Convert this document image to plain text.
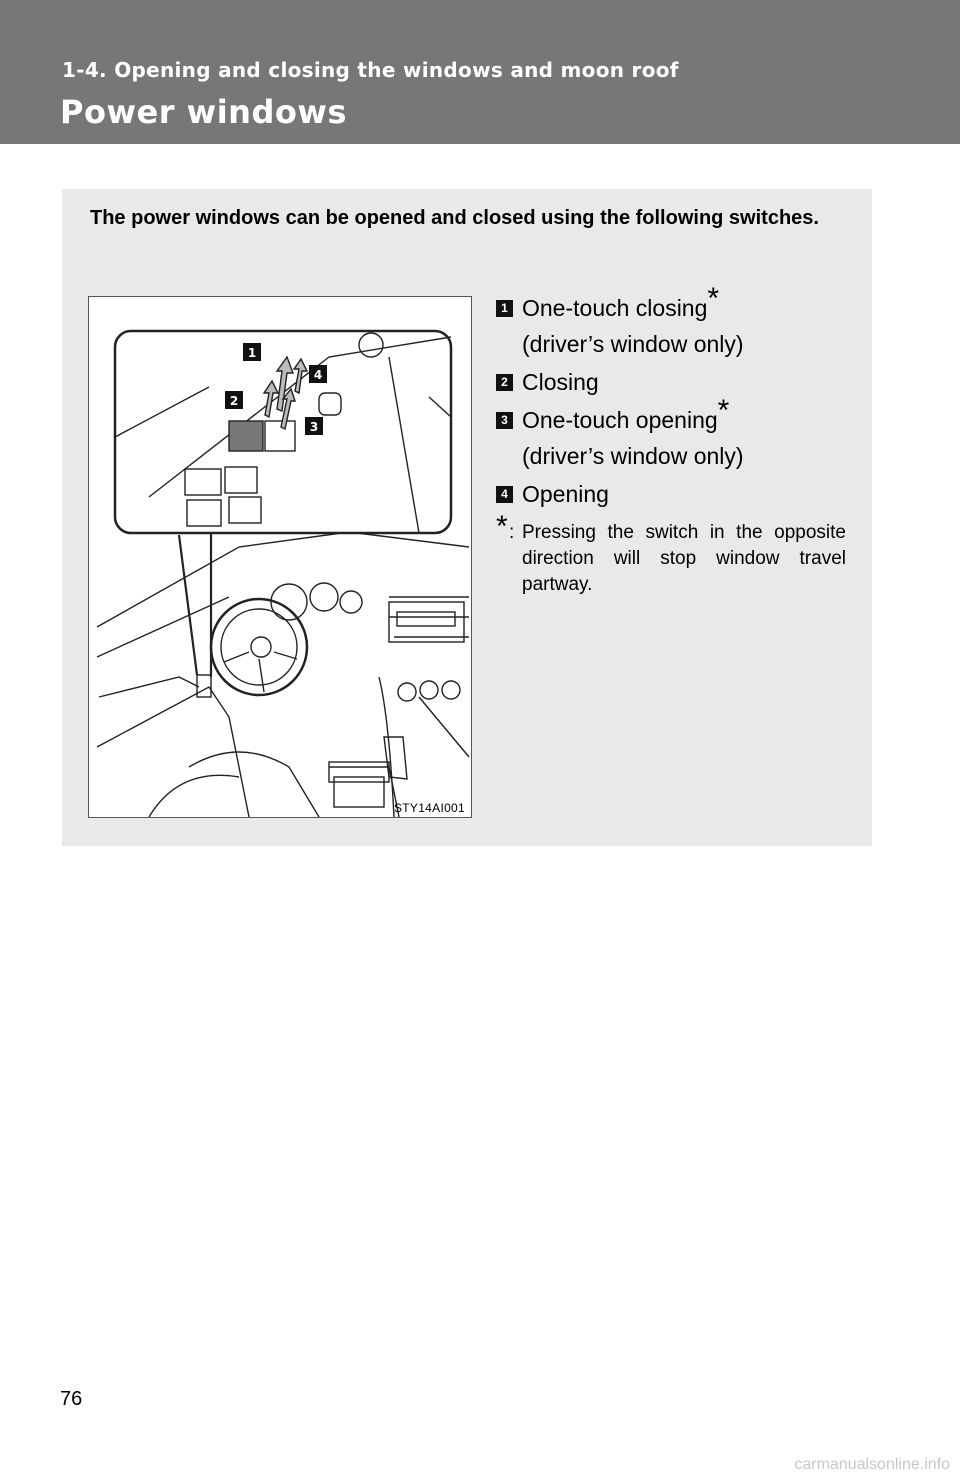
1-4. Opening and closing the windows and moon roof
Power windows
The power windows can be opened and closed using the following switches.
1
2
3
4
STY14AI001
1 One-touch closing*
(driver’s window only)
2 Closing
3 One-touch opening*
(driver’s window only)
4 Opening
* : Pressing the switch in the opposite direction will stop window travel partway.
76
carmanualsonline.info
